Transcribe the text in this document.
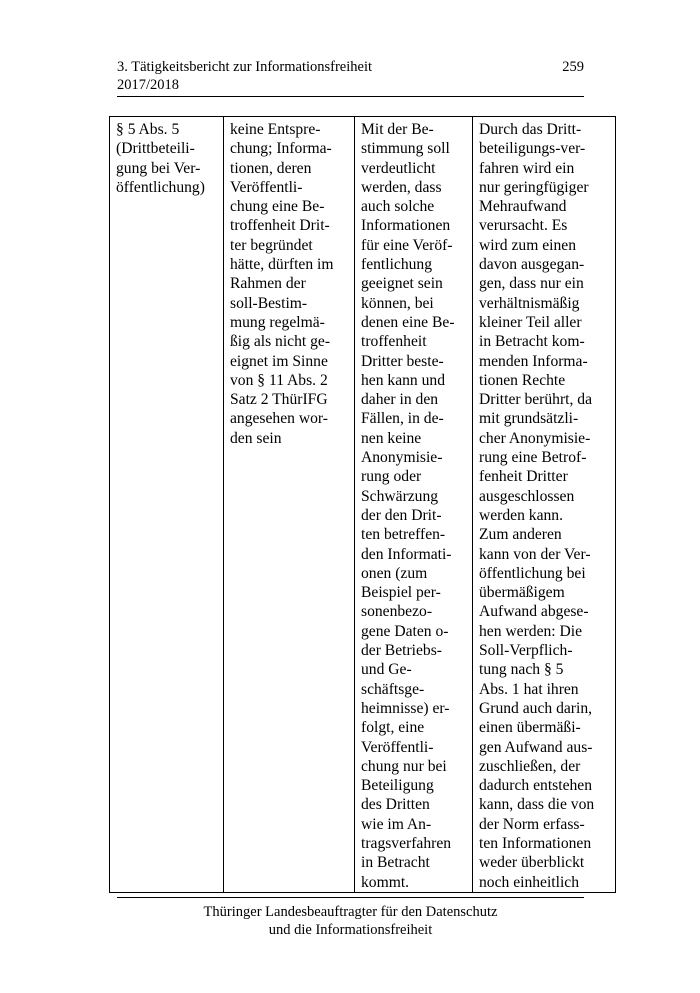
3. Tätigkeitsbericht zur Informationsfreiheit
2017/2018
259
§ 5 Abs. 5
(Drittbeteili-
gung bei Ver-
öffentlichung)

keine Entspre-
chung; Informa-
tionen, deren
Veröffentli-
chung eine Be-
troffenheit Drit-
ter begründet
hätte, dürften im
Rahmen der
soll-Bestim-
mung regelmä-
ßig als nicht ge-
eignet im Sinne
von § 11 Abs. 2
Satz 2 ThürIFG
angesehen wor-
den sein

Mit der Be-
stimmung soll
verdeutlicht
werden, dass
auch solche
Informationen
für eine Veröf-
fentlichung
geeignet sein
können, bei
denen eine Be-
troffenheit
Dritter beste-
hen kann und
daher in den
Fällen, in de-
nen keine
Anonymisie-
rung oder
Schwärzung
der den Drit-
ten betreffen-
den Informati-
onen (zum
Beispiel per-
sonenbezo-
gene Daten o-
der Betriebs-
und Ge-
schäftsge-
heimnisse) er-
folgt, eine
Veröffentli-
chung nur bei
Beteiligung
des Dritten
wie im An-
tragsverfahren
in Betracht
kommt.

Durch das Dritt-
beteiligungs-ver-
fahren wird ein
nur geringfügiger
Mehraufwand
verursacht. Es
wird zum einen
davon ausgegan-
gen, dass nur ein
verhältnismäßig
kleiner Teil aller
in Betracht kom-
menden Informa-
tionen Rechte
Dritter berührt, da
mit grundsätzli-
cher Anonymisie-
rung eine Betrof-
fenheit Dritter
ausgeschlossen
werden kann.
Zum anderen
kann von der Ver-
öffentlichung bei
übermäßigem
Aufwand abgese-
hen werden: Die
Soll-Verpflich-
tung nach § 5
Abs. 1 hat ihren
Grund auch darin,
einen übermäßi-
gen Aufwand aus-
zuschließen, der
dadurch entstehen
kann, dass die von
der Norm erfass-
ten Informationen
weder überblickt
noch einheitlich
Thüringer Landesbeauftragter für den Datenschutz
und die Informationsfreiheit
